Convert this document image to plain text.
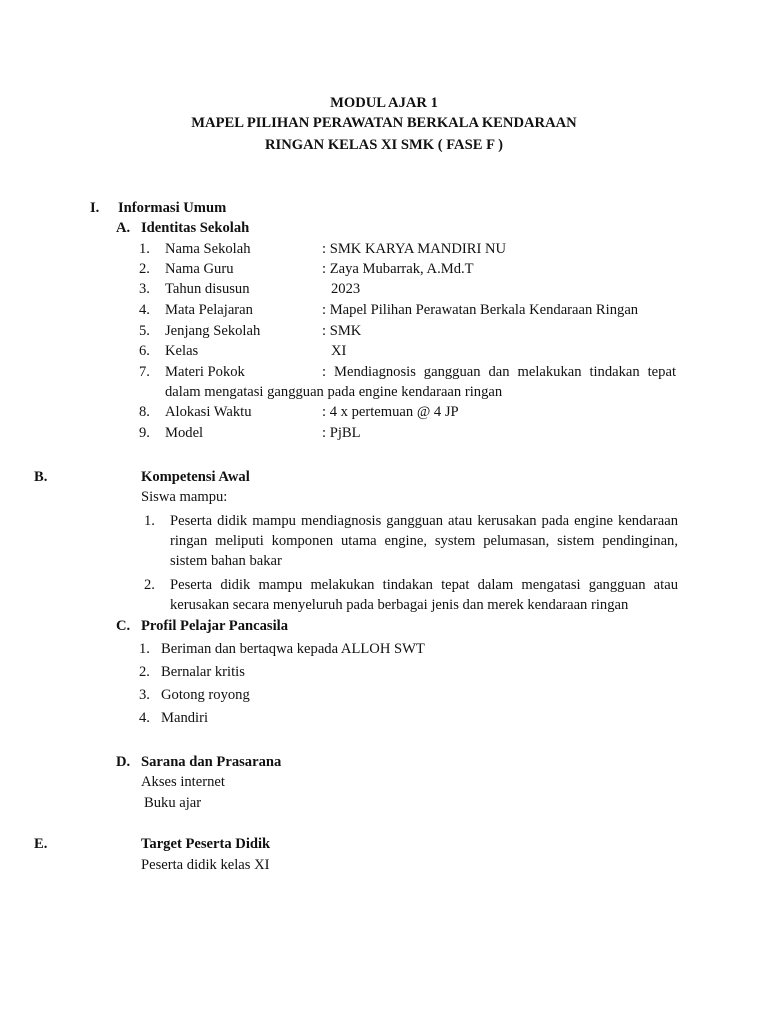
MODUL AJAR 1
MAPEL PILIHAN PERAWATAN BERKALA KENDARAAN
RINGAN KELAS XI SMK ( FASE F )
I. Informasi Umum
A. Identitas Sekolah
1. Nama Sekolah	: SMK KARYA MANDIRI NU
2. Nama Guru	: Zaya Mubarrak, A.Md.T
3. Tahun disusun	2023
4. Mata Pelajaran	: Mapel Pilihan Perawatan Berkala Kendaraan Ringan
5. Jenjang Sekolah	: SMK
6. Kelas	XI
7. Materi Pokok	: Mendiagnosis gangguan dan melakukan tindakan tepat
dalam mengatasi gangguan pada engine kendaraan ringan
8. Alokasi Waktu	: 4 x pertemuan @ 4 JP
9. Model	: PjBL
B.	Kompetensi Awal
Siswa mampu:
1. Peserta didik mampu mendiagnosis gangguan atau kerusakan pada engine kendaraan ringan meliputi komponen utama engine, system pelumasan, sistem pendinginan, sistem bahan bakar
2. Peserta didik mampu melakukan tindakan tepat dalam mengatasi gangguan atau kerusakan secara menyeluruh pada berbagai jenis dan merek kendaraan ringan
C. Profil Pelajar Pancasila
1. Beriman dan bertaqwa kepada ALLOH SWT
2. Bernalar kritis
3. Gotong royong
4. Mandiri
D. Sarana dan Prasarana
Akses internet
Buku ajar
E.	Target Peserta Didik
Peserta didik kelas XI
